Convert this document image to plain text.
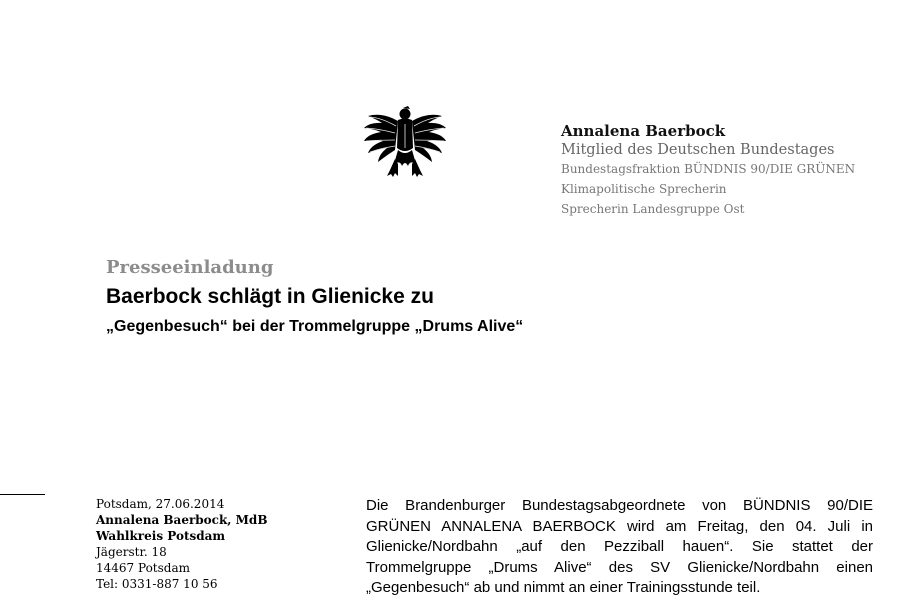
Annalena Baerbock

Mitglied des Deutschen Bundestages

Bundestagsfraktion BÜNDNIS 90/DIE GRÜNEN

Klimapolitische Sprecherin

Sprecherin Landesgruppe Ost

Presseeinladung
Baerbock schlägt in Glienicke zu
„Gegenbesuch“ bei der Trommelgruppe „Drums Alive“

Potsdam, 27.06.2014

Annalena Baerbock, MdB

Wahlkreis Potsdam

Jägerstr. 18

14467 Potsdam

Tel: 0331-887 10 56

Die Brandenburger Bundestagsabgeordnete von BÜNDNIS 90/DIE GRÜNEN ANNALENA BAERBOCK wird am Freitag, den 04. Juli in Glienicke/Nordbahn „auf den Pezziball hauen“. Sie stattet der Trommelgruppe „Drums Alive“ des SV Glienicke/Nordbahn einen „Gegenbesuch“ ab und nimmt an einer Trainingsstunde teil.
